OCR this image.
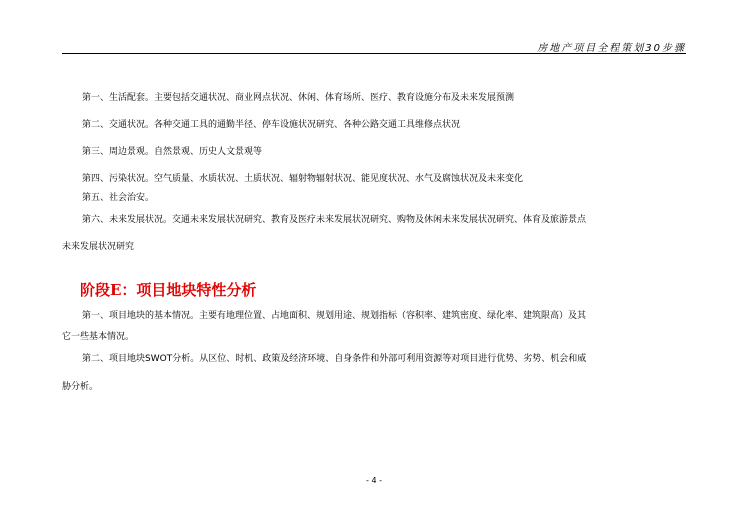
房地产项目全程策划30步骤
第一、生活配套。主要包括交通状况、商业网点状况、休闲、体育场所、医疗、教育设施分布及未来发展预测
第二、交通状况。各种交通工具的通勤半径、停车设施状况研究、各种公路交通工具维修点状况
第三、周边景观。自然景观、历史人文景观等
第四、污染状况。空气质量、水质状况、土质状况、辐射物辐射状况、能见度状况、水气及腐蚀状况及未来变化
第五、社会治安。
第六、未来发展状况。交通未来发展状况研究、教育及医疗未来发展状况研究、购物及休闲未来发展状况研究、体育及旅游景点
未来发展状况研究
阶段E：项目地块特性分析
第一、项目地块的基本情况。主要有地理位置、占地面积、规划用途、规划指标（容积率、建筑密度、绿化率、建筑限高）及其
它一些基本情况。
第二、项目地块SWOT分析。从区位、时机、政策及经济环境、自身条件和外部可利用资源等对项目进行优势、劣势、机会和威
胁分析。
- 4 -
